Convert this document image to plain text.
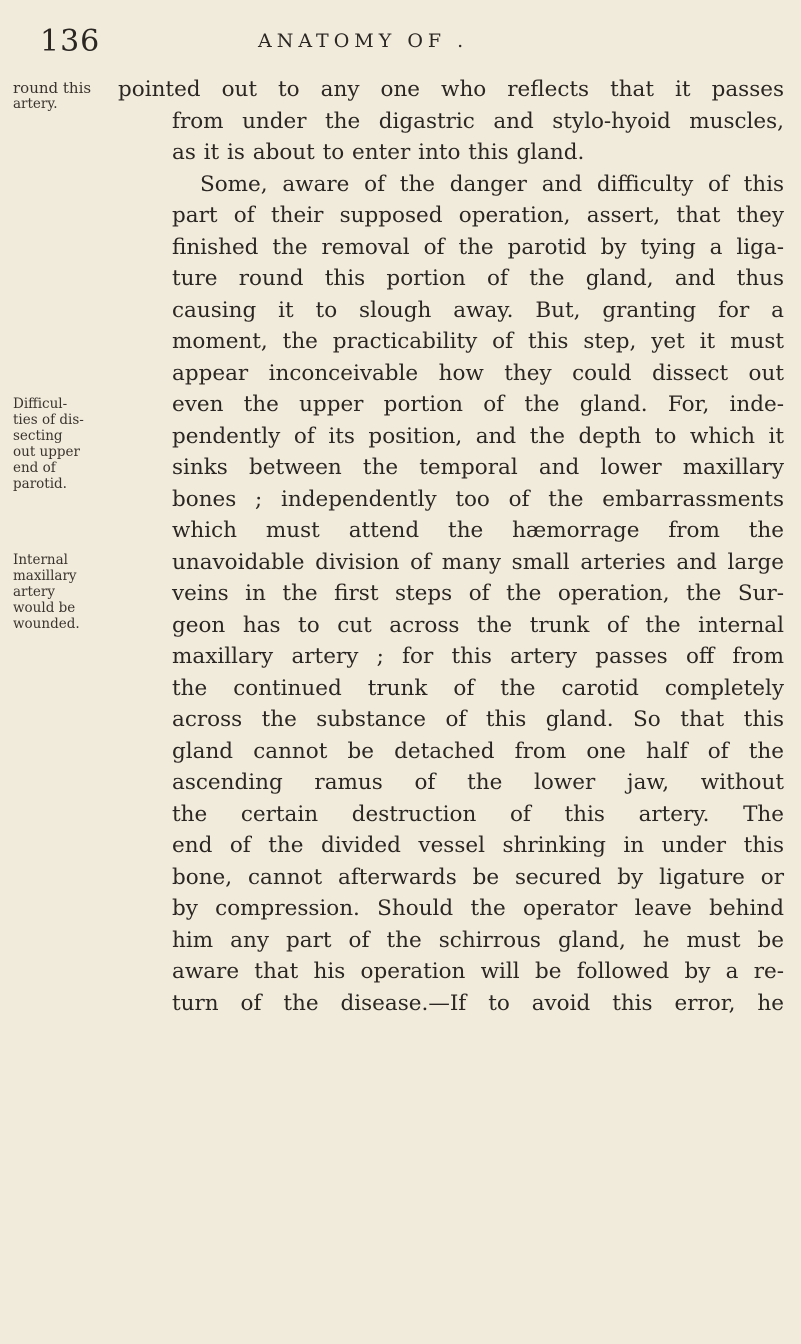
136	ANATOMY OF .
round this
artery.
Difficul-
ties of dis-
secting
out upper
end of
parotid.
Internal
maxillary
artery
would be
wounded.
pointed out to any one who reflects that it passes
from under the digastric and stylo-hyoid muscles,
as it is about to enter into this gland.
Some, aware of the danger and difficulty of this
part of their supposed operation, assert, that they
finished the removal of the parotid by tying a liga-
ture round this portion of the gland, and thus
causing it to slough away. But, granting for a
moment, the practicability of this step, yet it must
appear inconceivable how they could dissect out
even the upper portion of the gland. For, inde-
pendently of its position, and the depth to which it
sinks between the temporal and lower maxillary
bones ; independently too of the embarrassments
which must attend the hæmorrage from the
unavoidable division of many small arteries and large
veins in the first steps of the operation, the Sur-
geon has to cut across the trunk of the internal
maxillary artery ; for this artery passes off from
the continued trunk of the carotid completely
across the substance of this gland. So that this
gland cannot be detached from one half of the
ascending ramus of the lower jaw, without
the certain destruction of this artery. The
end of the divided vessel shrinking in under this
bone, cannot afterwards be secured by ligature or
by compression. Should the operator leave behind
him any part of the schirrous gland, he must be
aware that his operation will be followed by a re-
turn of the disease.—If to avoid this error, he
